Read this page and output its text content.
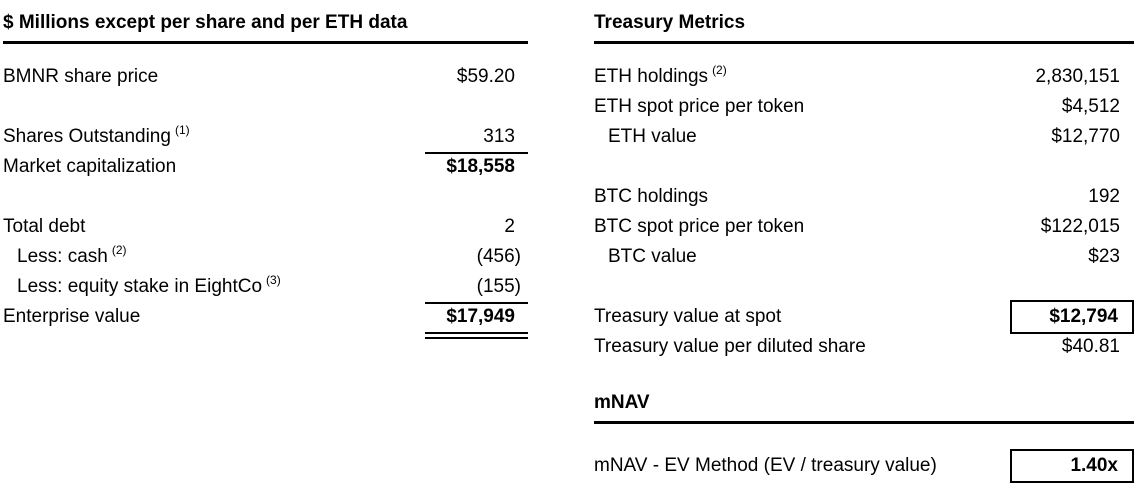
$ Millions except per share and per ETH data
BMNR share price	$59.20
Shares Outstanding (1)	313
Market capitalization	$18,558
Total debt	2
Less: cash (2)	(456)
Less: equity stake in EightCo (3)	(155)
Enterprise value	$17,949
Treasury Metrics
ETH holdings (2)	2,830,151
ETH spot price per token	$4,512
ETH value	$12,770
BTC holdings	192
BTC spot price per token	$122,015
BTC value	$23
Treasury value at spot	$12,794
Treasury value per diluted share	$40.81
mNAV
mNAV - EV Method (EV / treasury value)	1.40x
